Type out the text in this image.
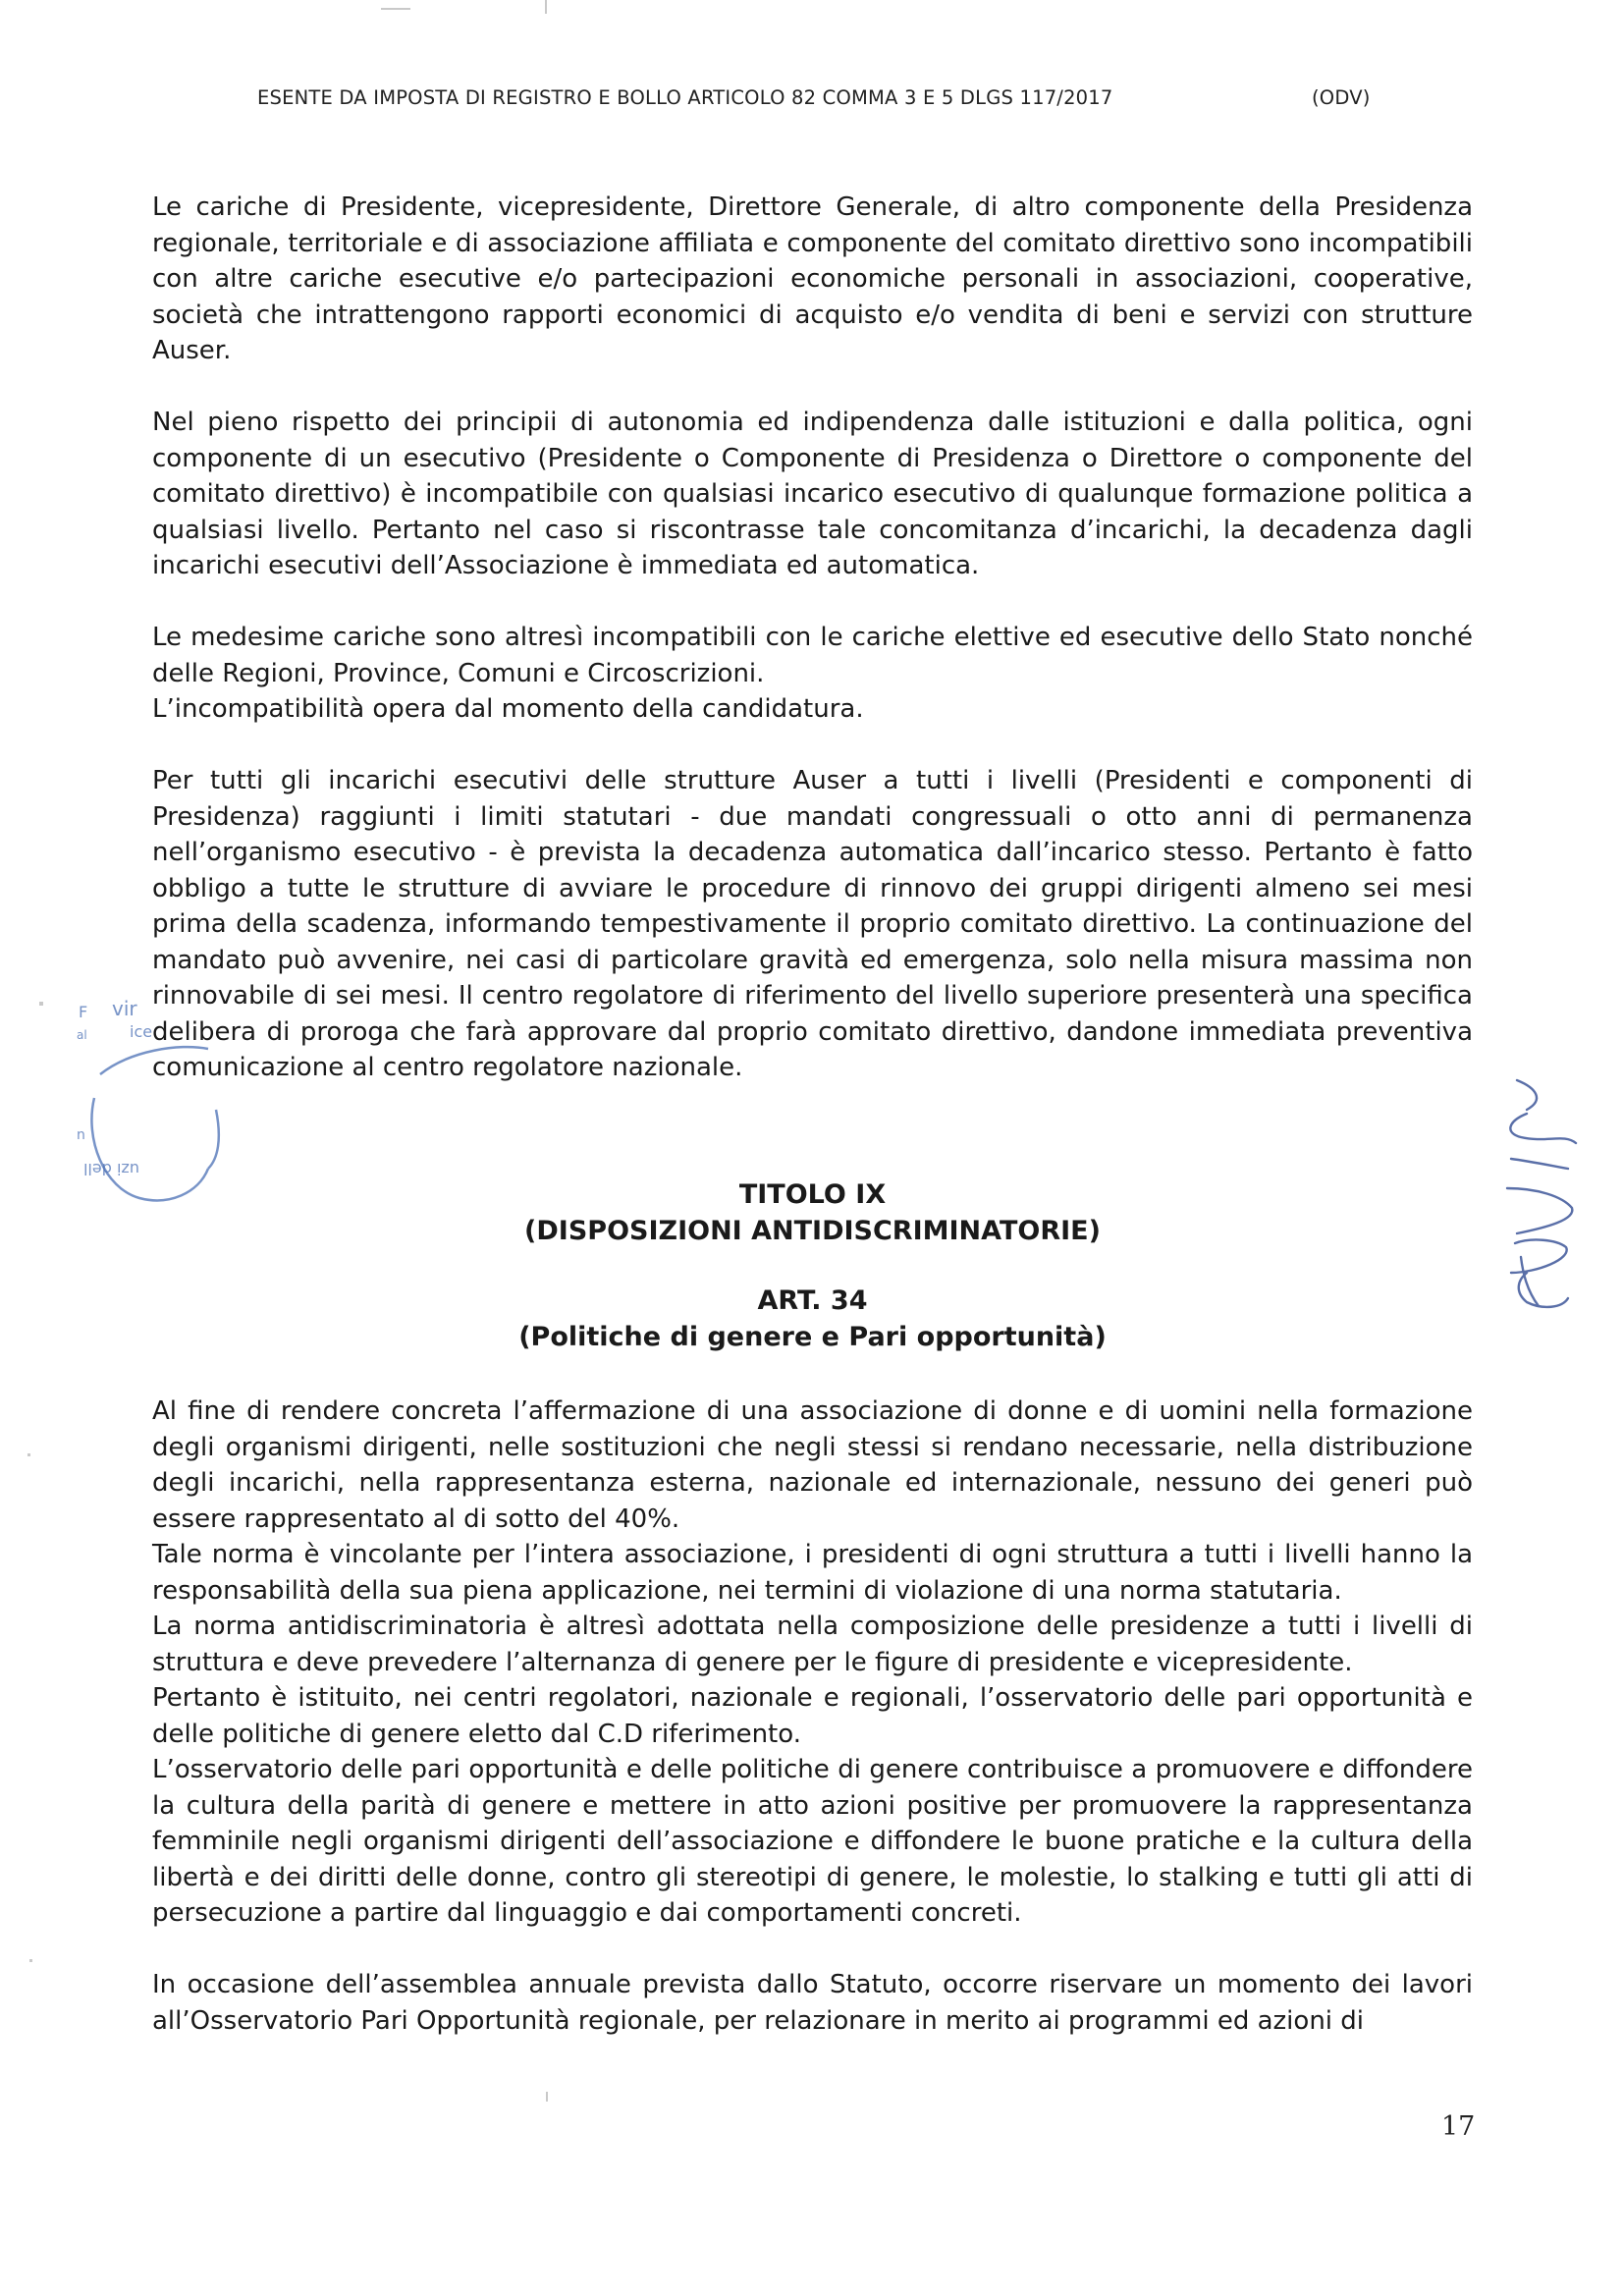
ESENTE DA IMPOSTA DI REGISTRO E BOLLO ARTICOLO 82 COMMA 3 E 5 DLGS 117/2017	(ODV)

Le cariche di Presidente, vicepresidente, Direttore Generale, di altro componente della Presidenza regionale, territoriale e di associazione affiliata e componente del comitato direttivo sono incompatibili con altre cariche esecutive e/o partecipazioni economiche personali in associazioni, cooperative, società che intrattengono rapporti economici di acquisto e/o vendita di beni e servizi con strutture Auser.

Nel pieno rispetto dei principii di autonomia ed indipendenza dalle istituzioni e dalla politica, ogni componente di un esecutivo (Presidente o Componente di Presidenza o Direttore o componente del comitato direttivo) è incompatibile con qualsiasi incarico esecutivo di qualunque formazione politica a qualsiasi livello. Pertanto nel caso si riscontrasse tale concomitanza d’incarichi, la decadenza dagli incarichi esecutivi dell’Associazione è immediata ed automatica.

Le medesime cariche sono altresì incompatibili con le cariche elettive ed esecutive dello Stato nonché delle Regioni, Province, Comuni e Circoscrizioni.

L’incompatibilità opera dal momento della candidatura.

Per tutti gli incarichi esecutivi delle strutture Auser a tutti i livelli (Presidenti e componenti di Presidenza) raggiunti i limiti statutari - due mandati congressuali o otto anni di permanenza nell’organismo esecutivo - è prevista la decadenza automatica dall’incarico stesso. Pertanto è fatto obbligo a tutte le strutture di avviare le procedure di rinnovo dei gruppi dirigenti almeno sei mesi prima della scadenza, informando tempestivamente il proprio comitato direttivo. La continuazione del mandato può avvenire, nei casi di particolare gravità ed emergenza, solo nella misura massima non rinnovabile di sei mesi. Il centro regolatore di riferimento del livello superiore presenterà una specifica delibera di proroga che farà approvare dal proprio comitato direttivo, dandone immediata preventiva comunicazione al centro regolatore nazionale.

TITOLO IX
(DISPOSIZIONI ANTIDISCRIMINATORIE)
ART. 34
(Politiche di genere e Pari opportunità)

Al fine di rendere concreta l’affermazione di una associazione di donne e di uomini nella formazione degli organismi dirigenti, nelle sostituzioni che negli stessi si rendano necessarie, nella distribuzione degli incarichi, nella rappresentanza esterna, nazionale ed internazionale, nessuno dei generi può essere rappresentato al di sotto del 40%.

Tale norma è vincolante per l’intera associazione, i presidenti di ogni struttura a tutti i livelli hanno la responsabilità della sua piena applicazione, nei termini di violazione di una norma statutaria.

La norma antidiscriminatoria è altresì adottata nella composizione delle presidenze a tutti i livelli di struttura e deve prevedere l’alternanza di genere per le figure di presidente e vicepresidente.

Pertanto è istituito, nei centri regolatori, nazionale e regionali, l’osservatorio delle pari opportunità e delle politiche di genere eletto dal C.D riferimento.

L’osservatorio delle pari opportunità e delle politiche di genere contribuisce a promuovere e diffondere la cultura della parità di genere e mettere in atto azioni positive per promuovere la rappresentanza femminile negli organismi dirigenti dell’associazione e diffondere le buone pratiche e la cultura della libertà e dei diritti delle donne, contro gli stereotipi di genere, le molestie, lo stalking e tutti gli atti di persecuzione a partire dal linguaggio e dai comportamenti concreti.

In occasione dell’assemblea annuale prevista dallo Statuto, occorre riservare un momento dei lavori all’Osservatorio Pari Opportunità regionale, per relazionare in merito ai programmi ed azioni di

F vir
ice
al
uzi dell
n
17
